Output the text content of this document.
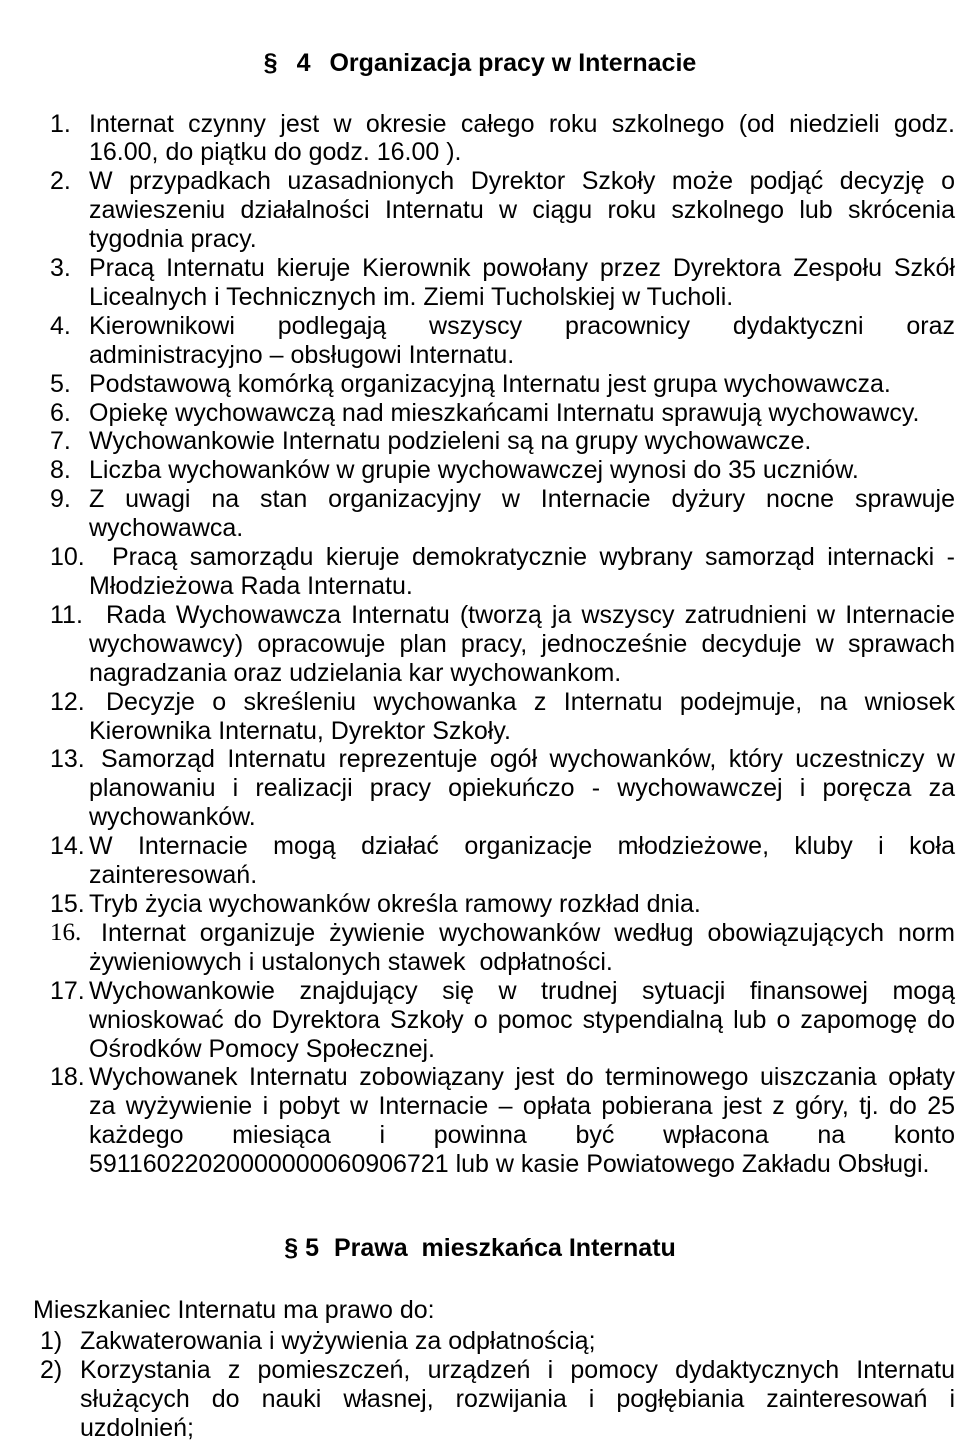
§ 4 Organizacja pracy w Internacie
1. Internat czynny jest w okresie całego roku szkolnego (od niedzieli godz.
16.00, do piątku do godz. 16.00 ).
2. W przypadkach uzasadnionych Dyrektor Szkoły może podjąć decyzję o
zawieszeniu działalności Internatu w ciągu roku szkolnego lub skrócenia
tygodnia pracy.
3. Pracą Internatu kieruje Kierownik powołany przez Dyrektora Zespołu Szkół
Licealnych i Technicznych im. Ziemi Tucholskiej w Tucholi.
4. Kierownikowi podlegają wszyscy pracownicy dydaktyczni oraz
administracyjno – obsługowi Internatu.
5. Podstawową komórką organizacyjną Internatu jest grupa wychowawcza.
6. Opiekę wychowawczą nad mieszkańcami Internatu sprawują wychowawcy.
7. Wychowankowie Internatu podzieleni są na grupy wychowawcze.
8. Liczba wychowanków w grupie wychowawczej wynosi do 35 uczniów.
9. Z uwagi na stan organizacyjny w Internacie dyżury nocne sprawuje
wychowawca.
10. Pracą samorządu kieruje demokratycznie wybrany samorząd internacki -
Młodzieżowa Rada Internatu.
11. Rada Wychowawcza Internatu (tworzą ja wszyscy zatrudnieni w Internacie
wychowawcy) opracowuje plan pracy, jednocześnie decyduje w sprawach
nagradzania oraz udzielania kar wychowankom.
12. Decyzje o skreśleniu wychowanka z Internatu podejmuje, na wniosek
Kierownika Internatu, Dyrektor Szkoły.
13. Samorząd Internatu reprezentuje ogół wychowanków, który uczestniczy w
planowaniu i realizacji pracy opiekuńczo - wychowawczej i poręcza za
wychowanków.
14. W Internacie mogą działać organizacje młodzieżowe, kluby i koła
zainteresowań.
15. Tryb życia wychowanków określa ramowy rozkład dnia.
16. Internat organizuje żywienie wychowanków według obowiązujących norm
żywieniowych i ustalonych stawek  odpłatności.
17. Wychowankowie znajdujący się w trudnej sytuacji finansowej mogą
wnioskować do Dyrektora Szkoły o pomoc stypendialną lub o zapomogę do
Ośrodków Pomocy Społecznej.
18. Wychowanek Internatu zobowiązany jest do terminowego uiszczania opłaty
za wyżywienie i pobyt w Internacie – opłata pobierana jest z góry, tj. do 25
każdego miesiąca i powinna być wpłacona na konto
59116022020000000060906721 lub w kasie Powiatowego Zakładu Obsługi.
§ 5 Prawa  mieszkańca Internatu
Mieszkaniec Internatu ma prawo do:
1) Zakwaterowania i wyżywienia za odpłatnością;
2) Korzystania z pomieszczeń, urządzeń i pomocy dydaktycznych Internatu
służących do nauki własnej, rozwijania i pogłębiania zainteresowań i
uzdolnień;
